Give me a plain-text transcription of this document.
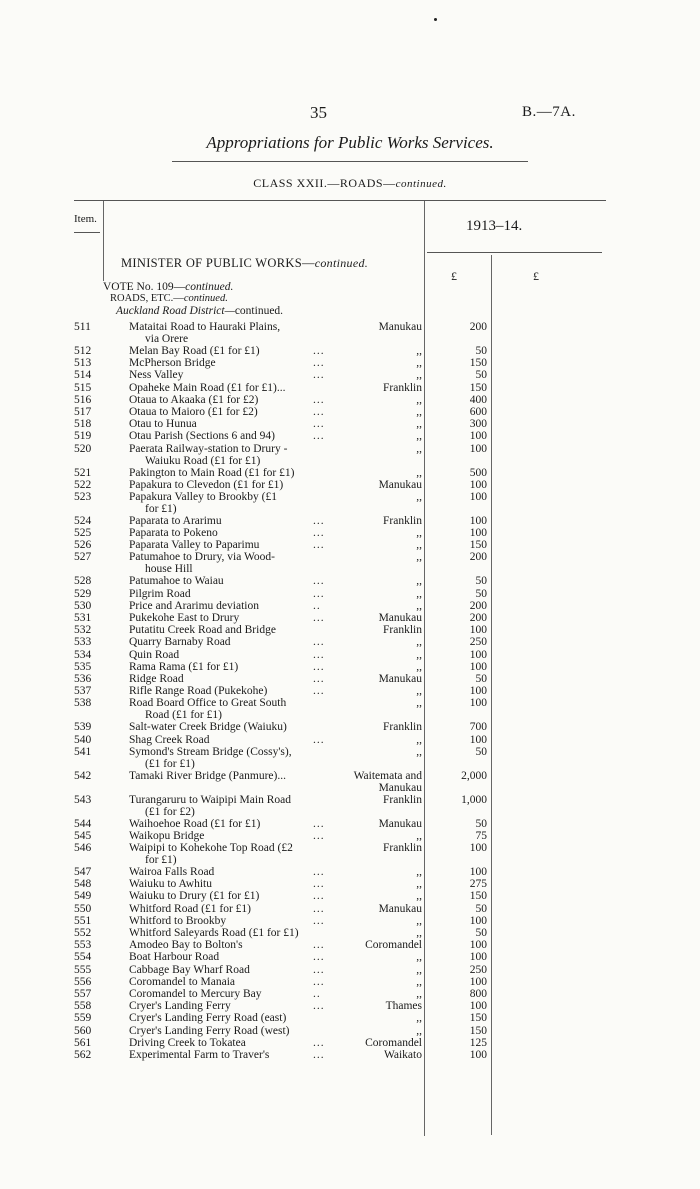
35	B.—7A.
Appropriations for Public Works Services.
CLASS XXII.—ROADS—continued.
Item.	1913–14.
MINISTER OF PUBLIC WORKS—continued.
£	£
VOTE No. 109—continued.
ROADS, ETC.—continued.
Auckland Road District—continued.
511	Mataitai Road to Hauraki Plains,
via Orere
Manukau	200
512	Melan Bay Road (£1 for £1)	...	,,	50
513	McPherson Bridge	...	,,	150
514	Ness Valley	...	,,	50
515	Opaheke Main Road (£1 for £1)...	Franklin	150
516	Otaua to Akaaka (£1 for £2)	...	,,	400
517	Otaua to Maioro (£1 for £2)	...	,,	600
518	Otau to Hunua	...	,,	300
519	Otau Parish (Sections 6 and 94)	...	,,	100
520	Paerata Railway-station to Drury -
Waiuku Road (£1 for £1)
,,	100
521	Pakington to Main Road (£1 for £1)	,,	500
522	Papakura to Clevedon (£1 for £1)	Manukau	100
523	Papakura Valley to Brookby (£1
for £1)
,,	100
524	Paparata to Ararimu	...	Franklin	100
525	Paparata to Pokeno	...	,,	100
526	Paparata Valley to Paparimu	...	,,	150
527	Patumahoe to Drury, via Wood-
house Hill
,,	200
528	Patumahoe to Waiau	...	,,	50
529	Pilgrim Road	...	,,	50
530	Price and Ararimu deviation	..	,,	200
531	Pukekohe East to Drury	...	Manukau	200
532	Putatitu Creek Road and Bridge	Franklin	100
533	Quarry Barnaby Road	...	,,	250
534	Quin Road	...	,,	100
535	Rama Rama (£1 for £1)	...	,,	100
536	Ridge Road	...	Manukau	50
537	Rifle Range Road (Pukekohe)	...	,,	100
538	Road Board Office to Great South
Road (£1 for £1)
,,	100
539	Salt-water Creek Bridge (Waiuku)	Franklin	700
540	Shag Creek Road	...	,,	100
541	Symond's Stream Bridge (Cossy's),
(£1 for £1)
,,	50
542	Tamaki River Bridge (Panmure)...	Waitemata and
Manukau
2,000
543	Turangaruru to Waipipi Main Road
(£1 for £2)
Franklin	1,000
544	Waihoehoe Road (£1 for £1)	...	Manukau	50
545	Waikopu Bridge	...	,,	75
546	Waipipi to Kohekohe Top Road (£2
for £1)
Franklin	100
547	Wairoa Falls Road	...	,,	100
548	Waiuku to Awhitu	...	,,	275
549	Waiuku to Drury (£1 for £1)	...	,,	150
550	Whitford Road (£1 for £1)	...	Manukau	50
551	Whitford to Brookby	...	,,	100
552	Whitford Saleyards Road (£1 for £1)	,,	50
553	Amodeo Bay to Bolton's	...	Coromandel	100
554	Boat Harbour Road	...	,,	100
555	Cabbage Bay Wharf Road	...	,,	250
556	Coromandel to Manaia	...	,,	100
557	Coromandel to Mercury Bay	..	,,	800
558	Cryer's Landing Ferry	...	Thames	100
559	Cryer's Landing Ferry Road (east)	,,	150
560	Cryer's Landing Ferry Road (west)	,,	150
561	Driving Creek to Tokatea	...	Coromandel	125
562	Experimental Farm to Traver's	...	Waikato	100
